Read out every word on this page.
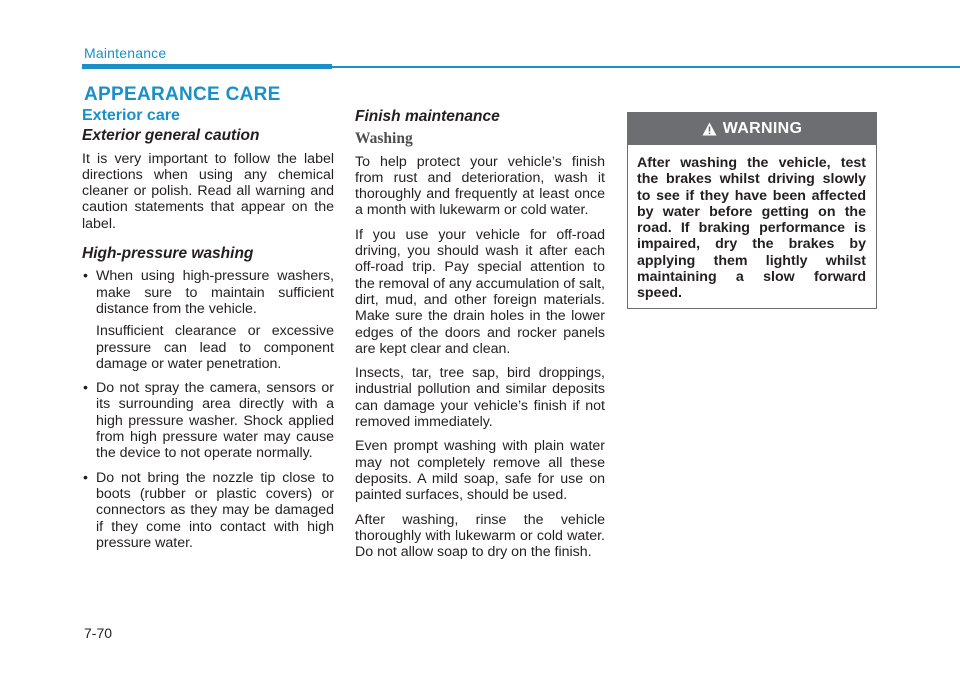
Maintenance
APPEARANCE CARE
Exterior care
Exterior general caution

It is very important to follow the label directions when using any chemical cleaner or polish. Read all warning and caution statements that appear on the label.

High-pressure washing
• When using high-pressure washers, make sure to maintain sufficient distance from the vehicle.
Insufficient clearance or excessive pressure can lead to component damage or water penetration.
• Do not spray the camera, sensors or its surrounding area directly with a high pressure washer. Shock applied from high pressure water may cause the device to not operate normally.
• Do not bring the nozzle tip close to boots (rubber or plastic covers) or connectors as they may be damaged if they come into contact with high pressure water.
Finish maintenance
Washing

To help protect your vehicle’s finish from rust and deterioration, wash it thoroughly and frequently at least once a month with lukewarm or cold water.

If you use your vehicle for off-road driving, you should wash it after each off-road trip. Pay special attention to the removal of any accumulation of salt, dirt, mud, and other foreign materials. Make sure the drain holes in the lower edges of the doors and rocker panels are kept clear and clean.

Insects, tar, tree sap, bird droppings, industrial pollution and similar deposits can damage your vehicle’s finish if not removed immediately.

Even prompt washing with plain water may not completely remove all these deposits. A mild soap, safe for use on painted surfaces, should be used.

After washing, rinse the vehicle thoroughly with lukewarm or cold water. Do not allow soap to dry on the finish.

WARNING
After washing the vehicle, test the brakes whilst driving slowly to see if they have been affected by water before getting on the road. If braking performance is impaired, dry the brakes by applying them lightly whilst maintaining a slow forward speed.
7-70
